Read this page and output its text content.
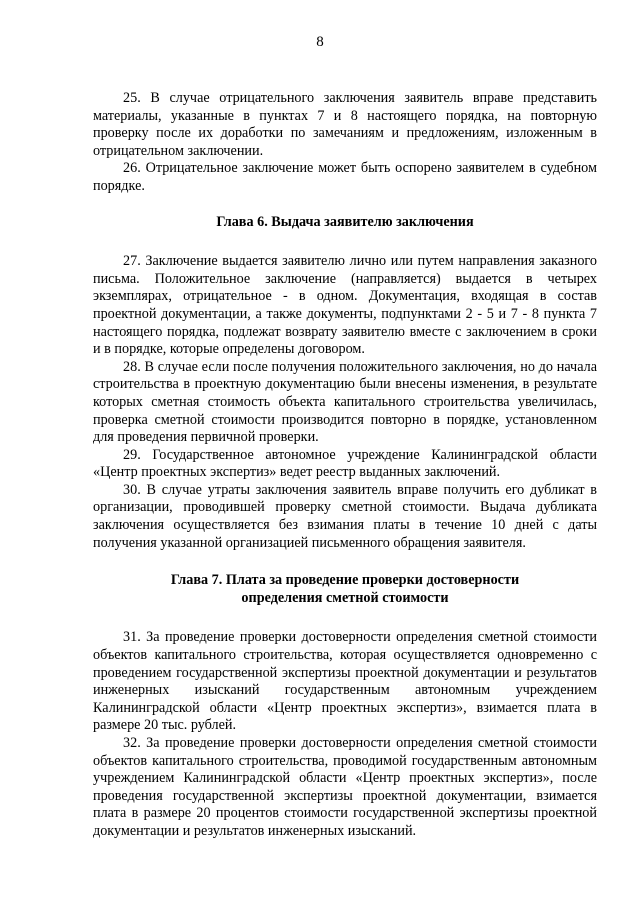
8

25. В случае отрицательного заключения заявитель вправе представить материалы, указанные в пунктах 7 и 8 настоящего порядка, на повторную проверку после их доработки по замечаниям и предложениям, изложенным в отрицательном заключении.

26. Отрицательное заключение может быть оспорено заявителем в судебном порядке.

Глава 6. Выдача заявителю заключения

27. Заключение выдается заявителю лично или путем направления заказного письма. Положительное заключение (направляется) выдается в четырех экземплярах, отрицательное - в одном. Документация, входящая в состав проектной документации, а также документы, подпунктами 2 - 5 и 7 - 8 пункта 7 настоящего порядка, подлежат возврату заявителю вместе с заключением в сроки и в порядке, которые определены договором.

28. В случае если после получения положительного заключения, но до начала строительства в проектную документацию были внесены изменения, в результате которых сметная стоимость объекта капитального строительства увеличилась, проверка сметной стоимости производится повторно в порядке, установленном для проведения первичной проверки.

29. Государственное автономное учреждение Калининградской области «Центр проектных экспертиз» ведет реестр выданных заключений.

30. В случае утраты заключения заявитель вправе получить его дубликат в организации, проводившей проверку сметной стоимости. Выдача дубликата заключения осуществляется без взимания платы в течение 10 дней с даты получения указанной организацией письменного обращения заявителя.

Глава 7. Плата за проведение проверки достоверности
определения сметной стоимости

31. За проведение проверки достоверности определения сметной стоимости объектов капитального строительства, которая осуществляется одновременно с проведением государственной экспертизы проектной документации и результатов инженерных изысканий государственным автономным учреждением Калининградской области «Центр проектных экспертиз», взимается плата в размере 20 тыс. рублей.

32. За проведение проверки достоверности определения сметной стоимости объектов капитального строительства, проводимой государственным автономным учреждением Калининградской области «Центр проектных экспертиз», после проведения государственной экспертизы проектной документации, взимается плата в размере 20 процентов стоимости государственной экспертизы проектной документации и результатов инженерных изысканий.
